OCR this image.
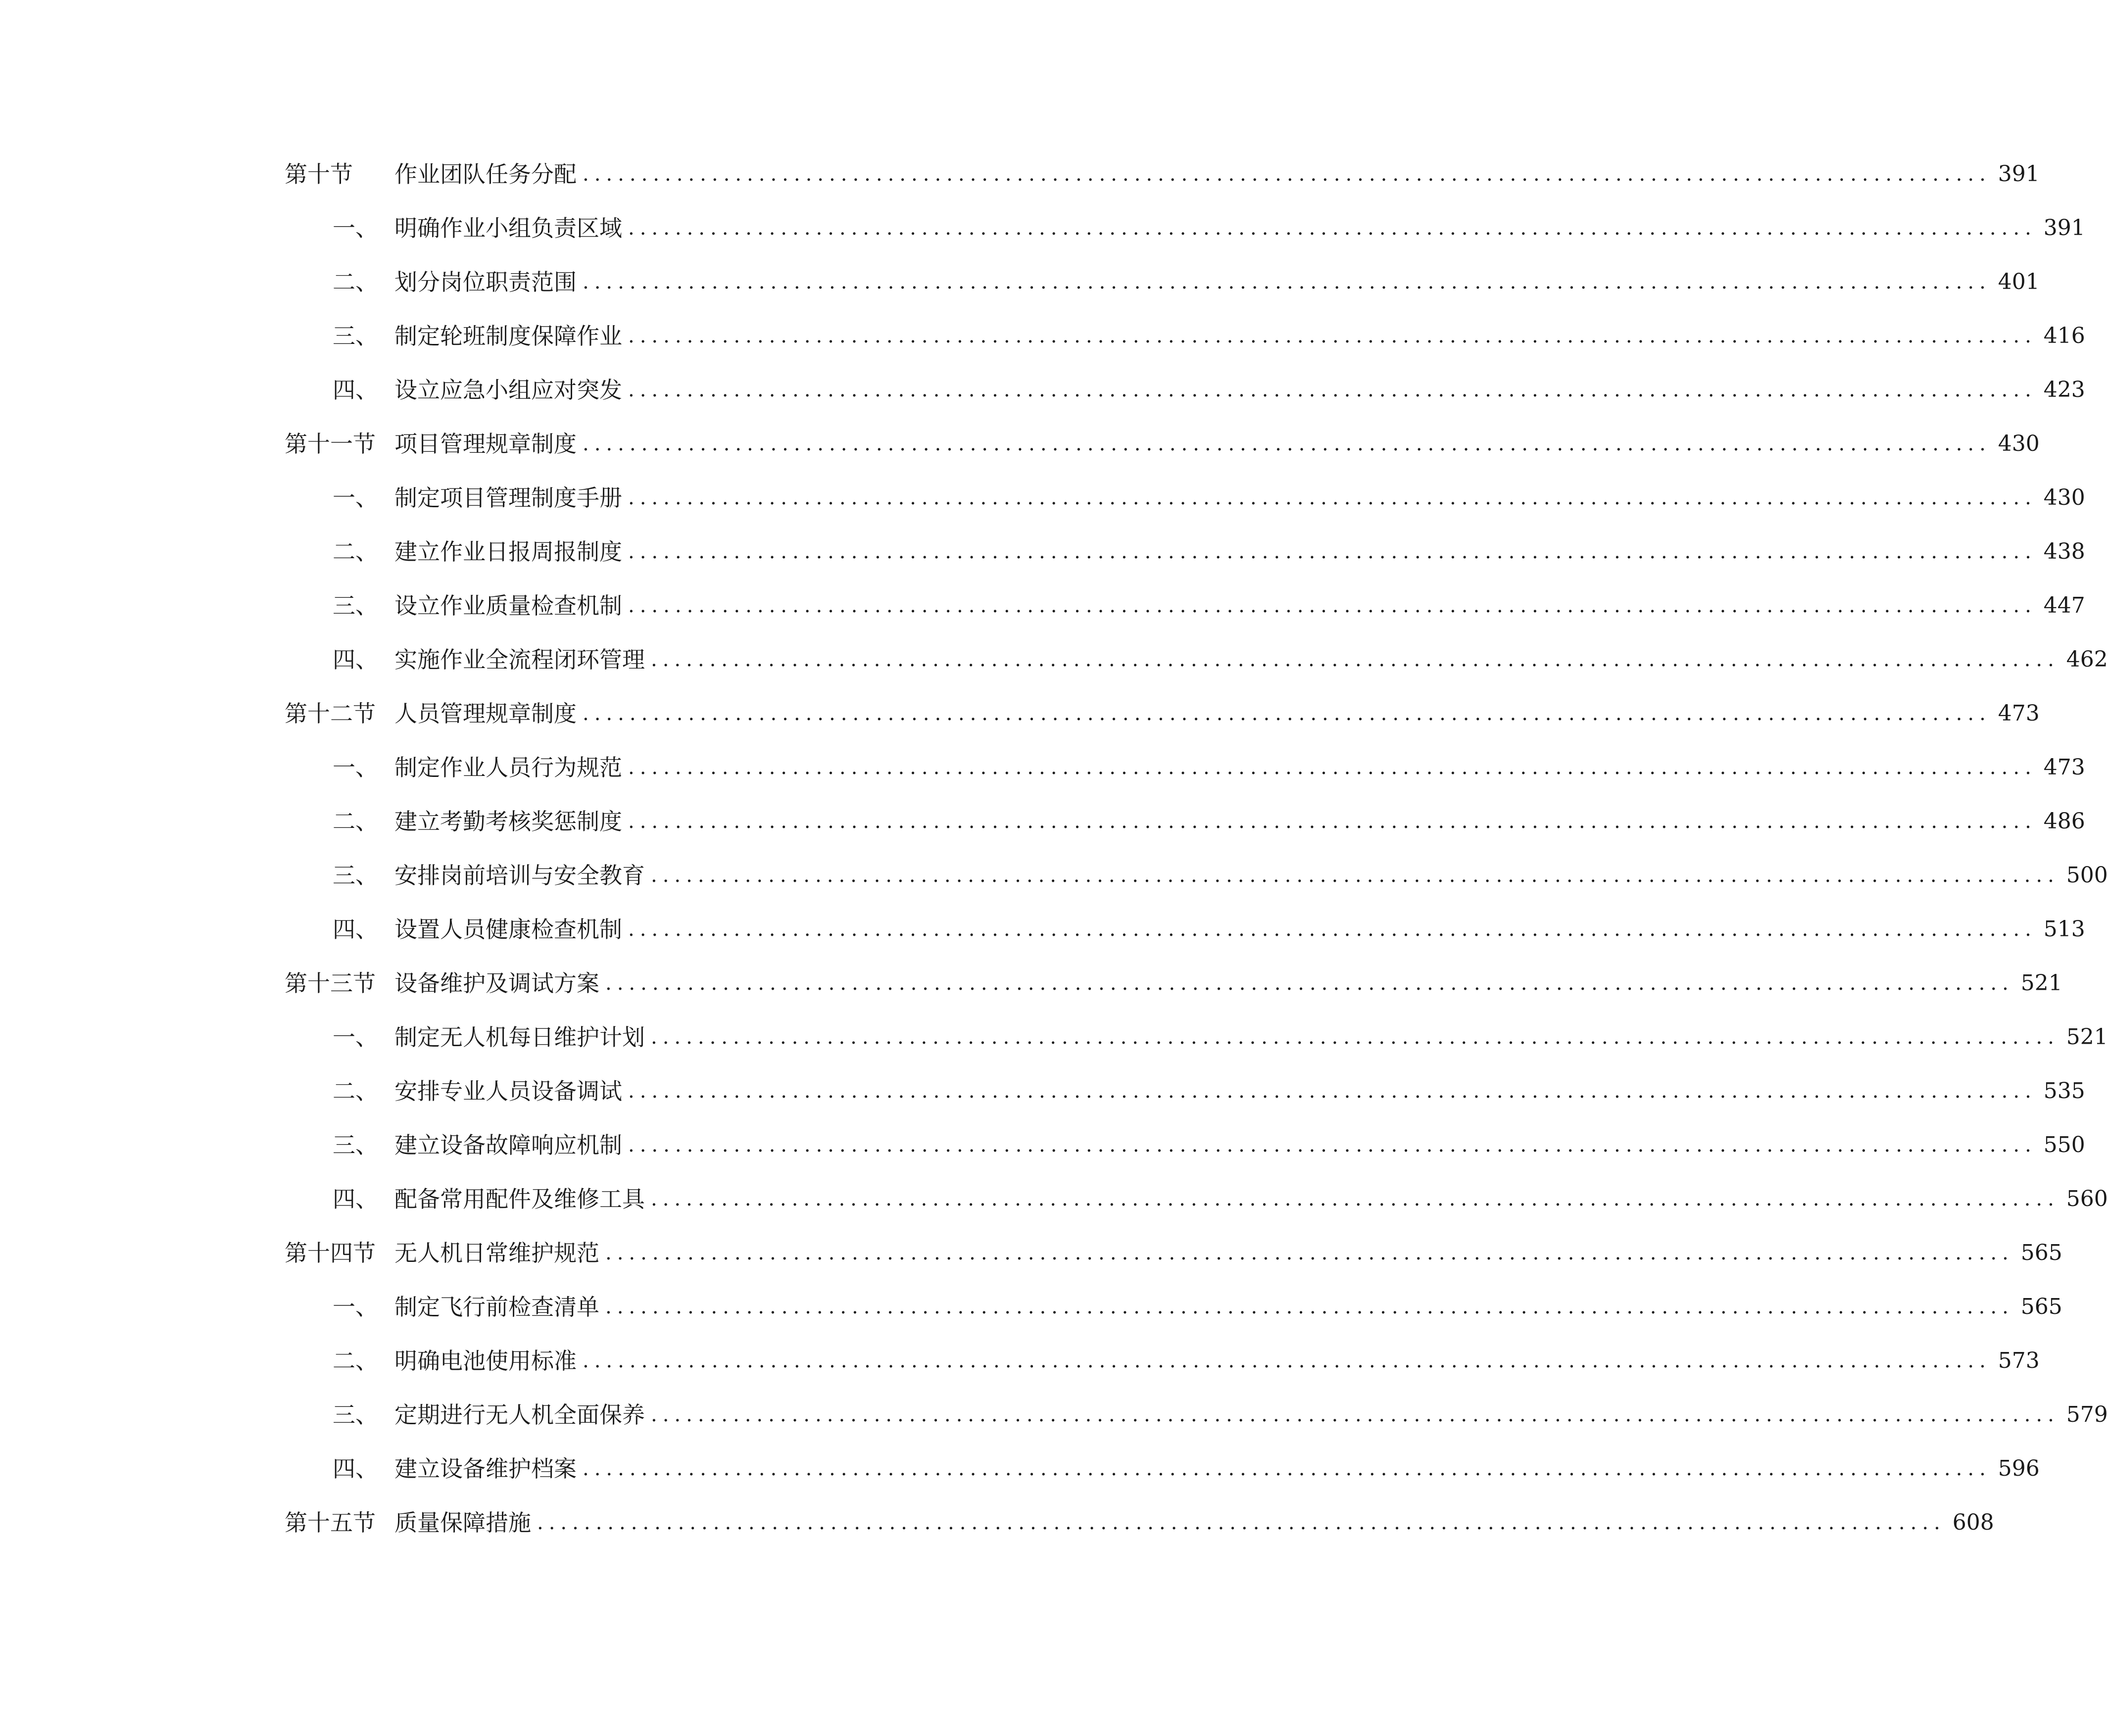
第十节	作业团队任务分配 ........................................................................................................................ 391
一、 明确作业小组负责区域 ........................................................................................................................ 391
二、 划分岗位职责范围 ........................................................................................................................ 401
三、 制定轮班制度保障作业 ........................................................................................................................ 416
四、 设立应急小组应对突发 ........................................................................................................................ 423
第十一节 项目管理规章制度 ........................................................................................................................ 430
一、 制定项目管理制度手册 ........................................................................................................................ 430
二、 建立作业日报周报制度 ........................................................................................................................ 438
三、 设立作业质量检查机制 ........................................................................................................................ 447
四、 实施作业全流程闭环管理 ........................................................................................................................ 462
第十二节 人员管理规章制度 ........................................................................................................................ 473
一、 制定作业人员行为规范 ........................................................................................................................ 473
二、 建立考勤考核奖惩制度 ........................................................................................................................ 486
三、 安排岗前培训与安全教育 ........................................................................................................................ 500
四、 设置人员健康检查机制 ........................................................................................................................ 513
第十三节 设备维护及调试方案 ........................................................................................................................ 521
一、 制定无人机每日维护计划 ........................................................................................................................ 521
二、 安排专业人员设备调试 ........................................................................................................................ 535
三、 建立设备故障响应机制 ........................................................................................................................ 550
四、 配备常用配件及维修工具 ........................................................................................................................ 560
第十四节 无人机日常维护规范 ........................................................................................................................ 565
一、 制定飞行前检查清单 ........................................................................................................................ 565
二、 明确电池使用标准 ........................................................................................................................ 573
三、 定期进行无人机全面保养 ........................................................................................................................ 579
四、 建立设备维护档案 ........................................................................................................................ 596
第十五节 质量保障措施 ........................................................................................................................ 608
